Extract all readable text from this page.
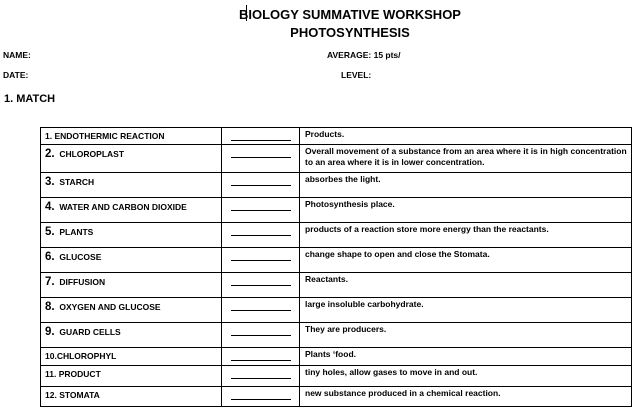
BIOLOGY SUMMATIVE WORKSHOP
PHOTOSYNTHESIS
NAME:	AVERAGE: 15 pts/
DATE:	LEVEL:
1. MATCH
1. ENDOTHERMIC REACTION		Products.

2. CHLOROPLAST		Overall movement of a substance from an area where it is in high concentration to an area where it is in lower concentration.

3. STARCH		absorbes the light.

4. WATER AND CARBON DIOXIDE		Photosynthesis place.

5. PLANTS		products of a reaction store more energy than the reactants.

6. GLUCOSE		change shape to open and close the Stomata.

7. DIFFUSION		Reactants.

8. OXYGEN AND GLUCOSE		large insoluble carbohydrate.

9. GUARD CELLS		They are producers.

10.CHLOROPHYL		Plants ‘food.

11. PRODUCT		tiny holes, allow gases to move in and out.

12. STOMATA		new substance produced in a chemical reaction.
